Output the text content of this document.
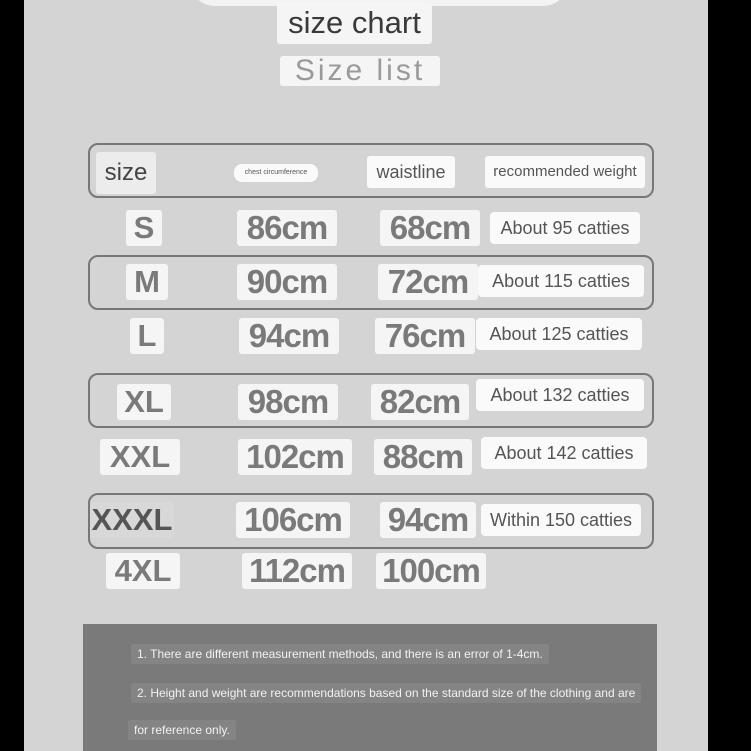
size chart
Size list
size	chest circumference	waistline	recommended weight
S	86cm 68cm	About 95 catties
M	90cm 72cm	About 115 catties
L	94cm 76cm	About 125 catties
XL	98cm 82cm	About 132 catties
XXL 102cm 88cm	About 142 catties
XXXL 106cm 94cm	Within 150 catties
4XL 112cm 100cm
1. There are different measurement methods, and there is an error of 1-4cm.
2. Height and weight are recommendations based on the standard size of the clothing and are
for reference only.
